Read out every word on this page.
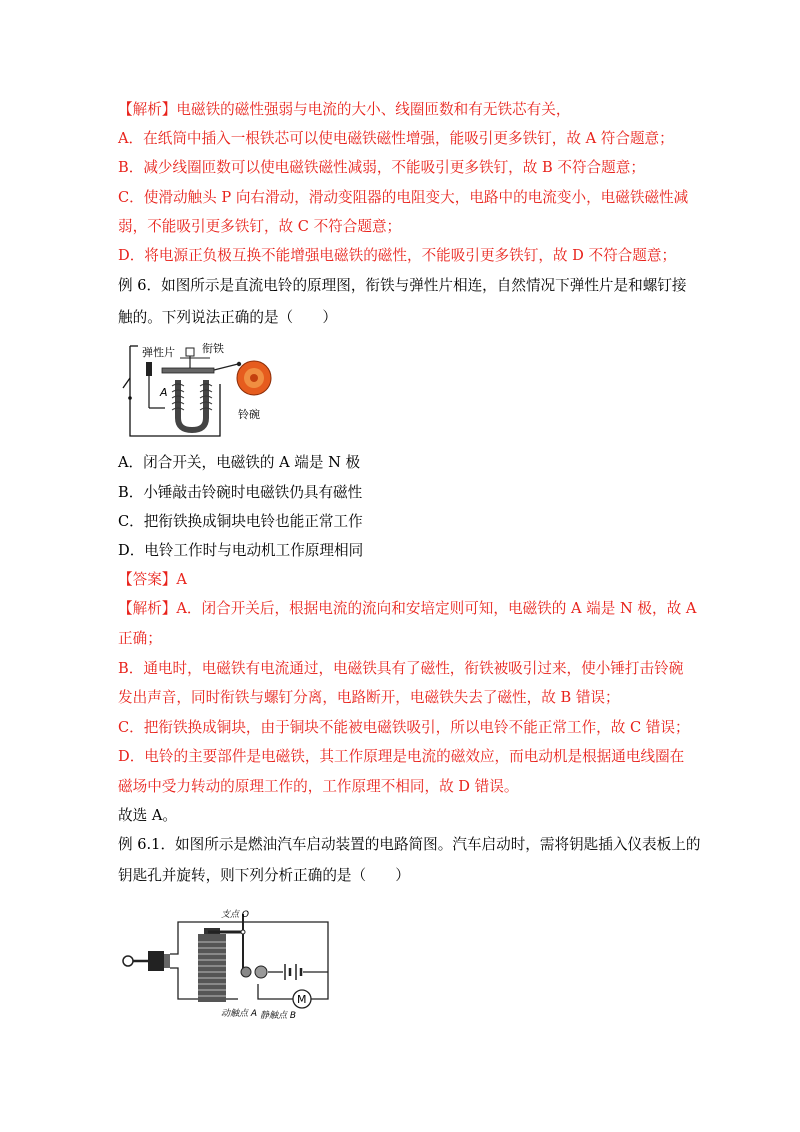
【解析】电磁铁的磁性强弱与电流的大小、线圈匝数和有无铁芯有关，
A．在纸筒中插入一根铁芯可以使电磁铁磁性增强，能吸引更多铁钉，故 A 符合题意；
B．减少线圈匝数可以使电磁铁磁性减弱，不能吸引更多铁钉，故 B 不符合题意；
C．使滑动触头 P 向右滑动，滑动变阻器的电阻变大，电路中的电流变小，电磁铁磁性减
弱，不能吸引更多铁钉，故 C 不符合题意；
D．将电源正负极互换不能增强电磁铁的磁性，不能吸引更多铁钉，故 D 不符合题意；
例 6．如图所示是直流电铃的原理图，衔铁与弹性片相连，自然情况下弹性片是和螺钉接
触的。下列说法正确的是（　　）
弹性片 衔铁
A
铃碗
A．闭合开关，电磁铁的 A 端是 N 极
B．小锤敲击铃碗时电磁铁仍具有磁性
C．把衔铁换成铜块电铃也能正常工作
D．电铃工作时与电动机工作原理相同
【答案】A
【解析】A．闭合开关后，根据电流的流向和安培定则可知，电磁铁的 A 端是 N 极，故 A
正确；
B．通电时，电磁铁有电流通过，电磁铁具有了磁性，衔铁被吸引过来，使小锤打击铃碗
发出声音，同时衔铁与螺钉分离，电路断开，电磁铁失去了磁性，故 B 错误；
C．把衔铁换成铜块，由于铜块不能被电磁铁吸引，所以电铃不能正常工作，故 C 错误；
D．电铃的主要部件是电磁铁，其工作原理是电流的磁效应，而电动机是根据通电线圈在
磁场中受力转动的原理工作的，工作原理不相同，故 D 错误。
故选 A。
例 6.1．如图所示是燃油汽车启动装置的电路简图。汽车启动时，需将钥匙插入仪表板上的
钥匙孔并旋转，则下列分析正确的是（　　）
M
支点 O
动触点 A 静触点 B
